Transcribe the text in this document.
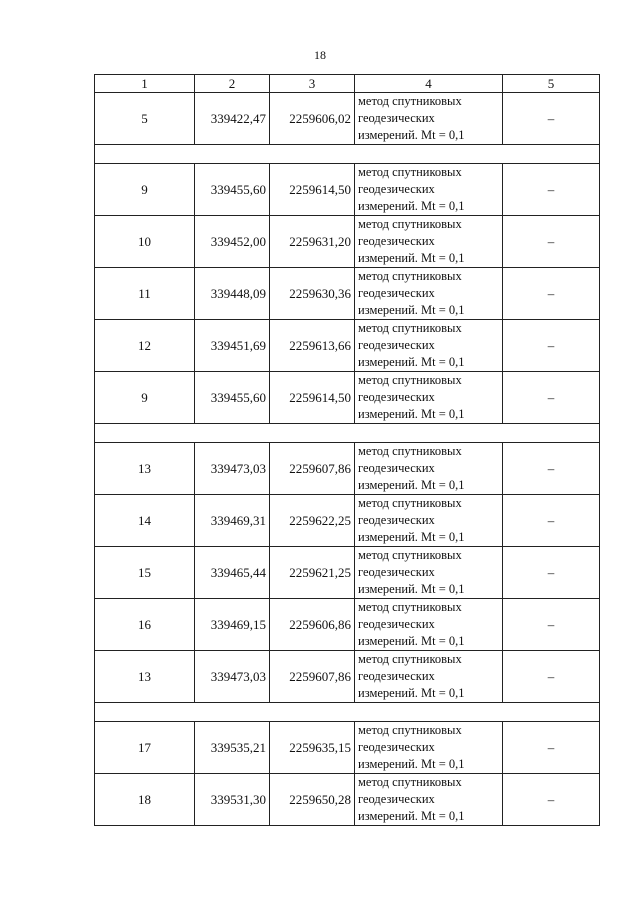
18
1	2	3	4	5
5	339422,47	2259606,02	метод спутниковых
геодезических
измерений. Mt = 0,1	–

9	339455,60	2259614,50	метод спутниковых
геодезических
измерений. Mt = 0,1	–
10	339452,00	2259631,20	метод спутниковых
геодезических
измерений. Mt = 0,1	–
11	339448,09	2259630,36	метод спутниковых
геодезических
измерений. Mt = 0,1	–
12	339451,69	2259613,66	метод спутниковых
геодезических
измерений. Mt = 0,1	–
9	339455,60	2259614,50	метод спутниковых
геодезических
измерений. Mt = 0,1	–

13	339473,03	2259607,86	метод спутниковых
геодезических
измерений. Mt = 0,1	–
14	339469,31	2259622,25	метод спутниковых
геодезических
измерений. Mt = 0,1	–
15	339465,44	2259621,25	метод спутниковых
геодезических
измерений. Mt = 0,1	–
16	339469,15	2259606,86	метод спутниковых
геодезических
измерений. Mt = 0,1	–
13	339473,03	2259607,86	метод спутниковых
геодезических
измерений. Mt = 0,1	–

17	339535,21	2259635,15	метод спутниковых
геодезических
измерений. Mt = 0,1	–
18	339531,30	2259650,28	метод спутниковых
геодезических
измерений. Mt = 0,1	–
